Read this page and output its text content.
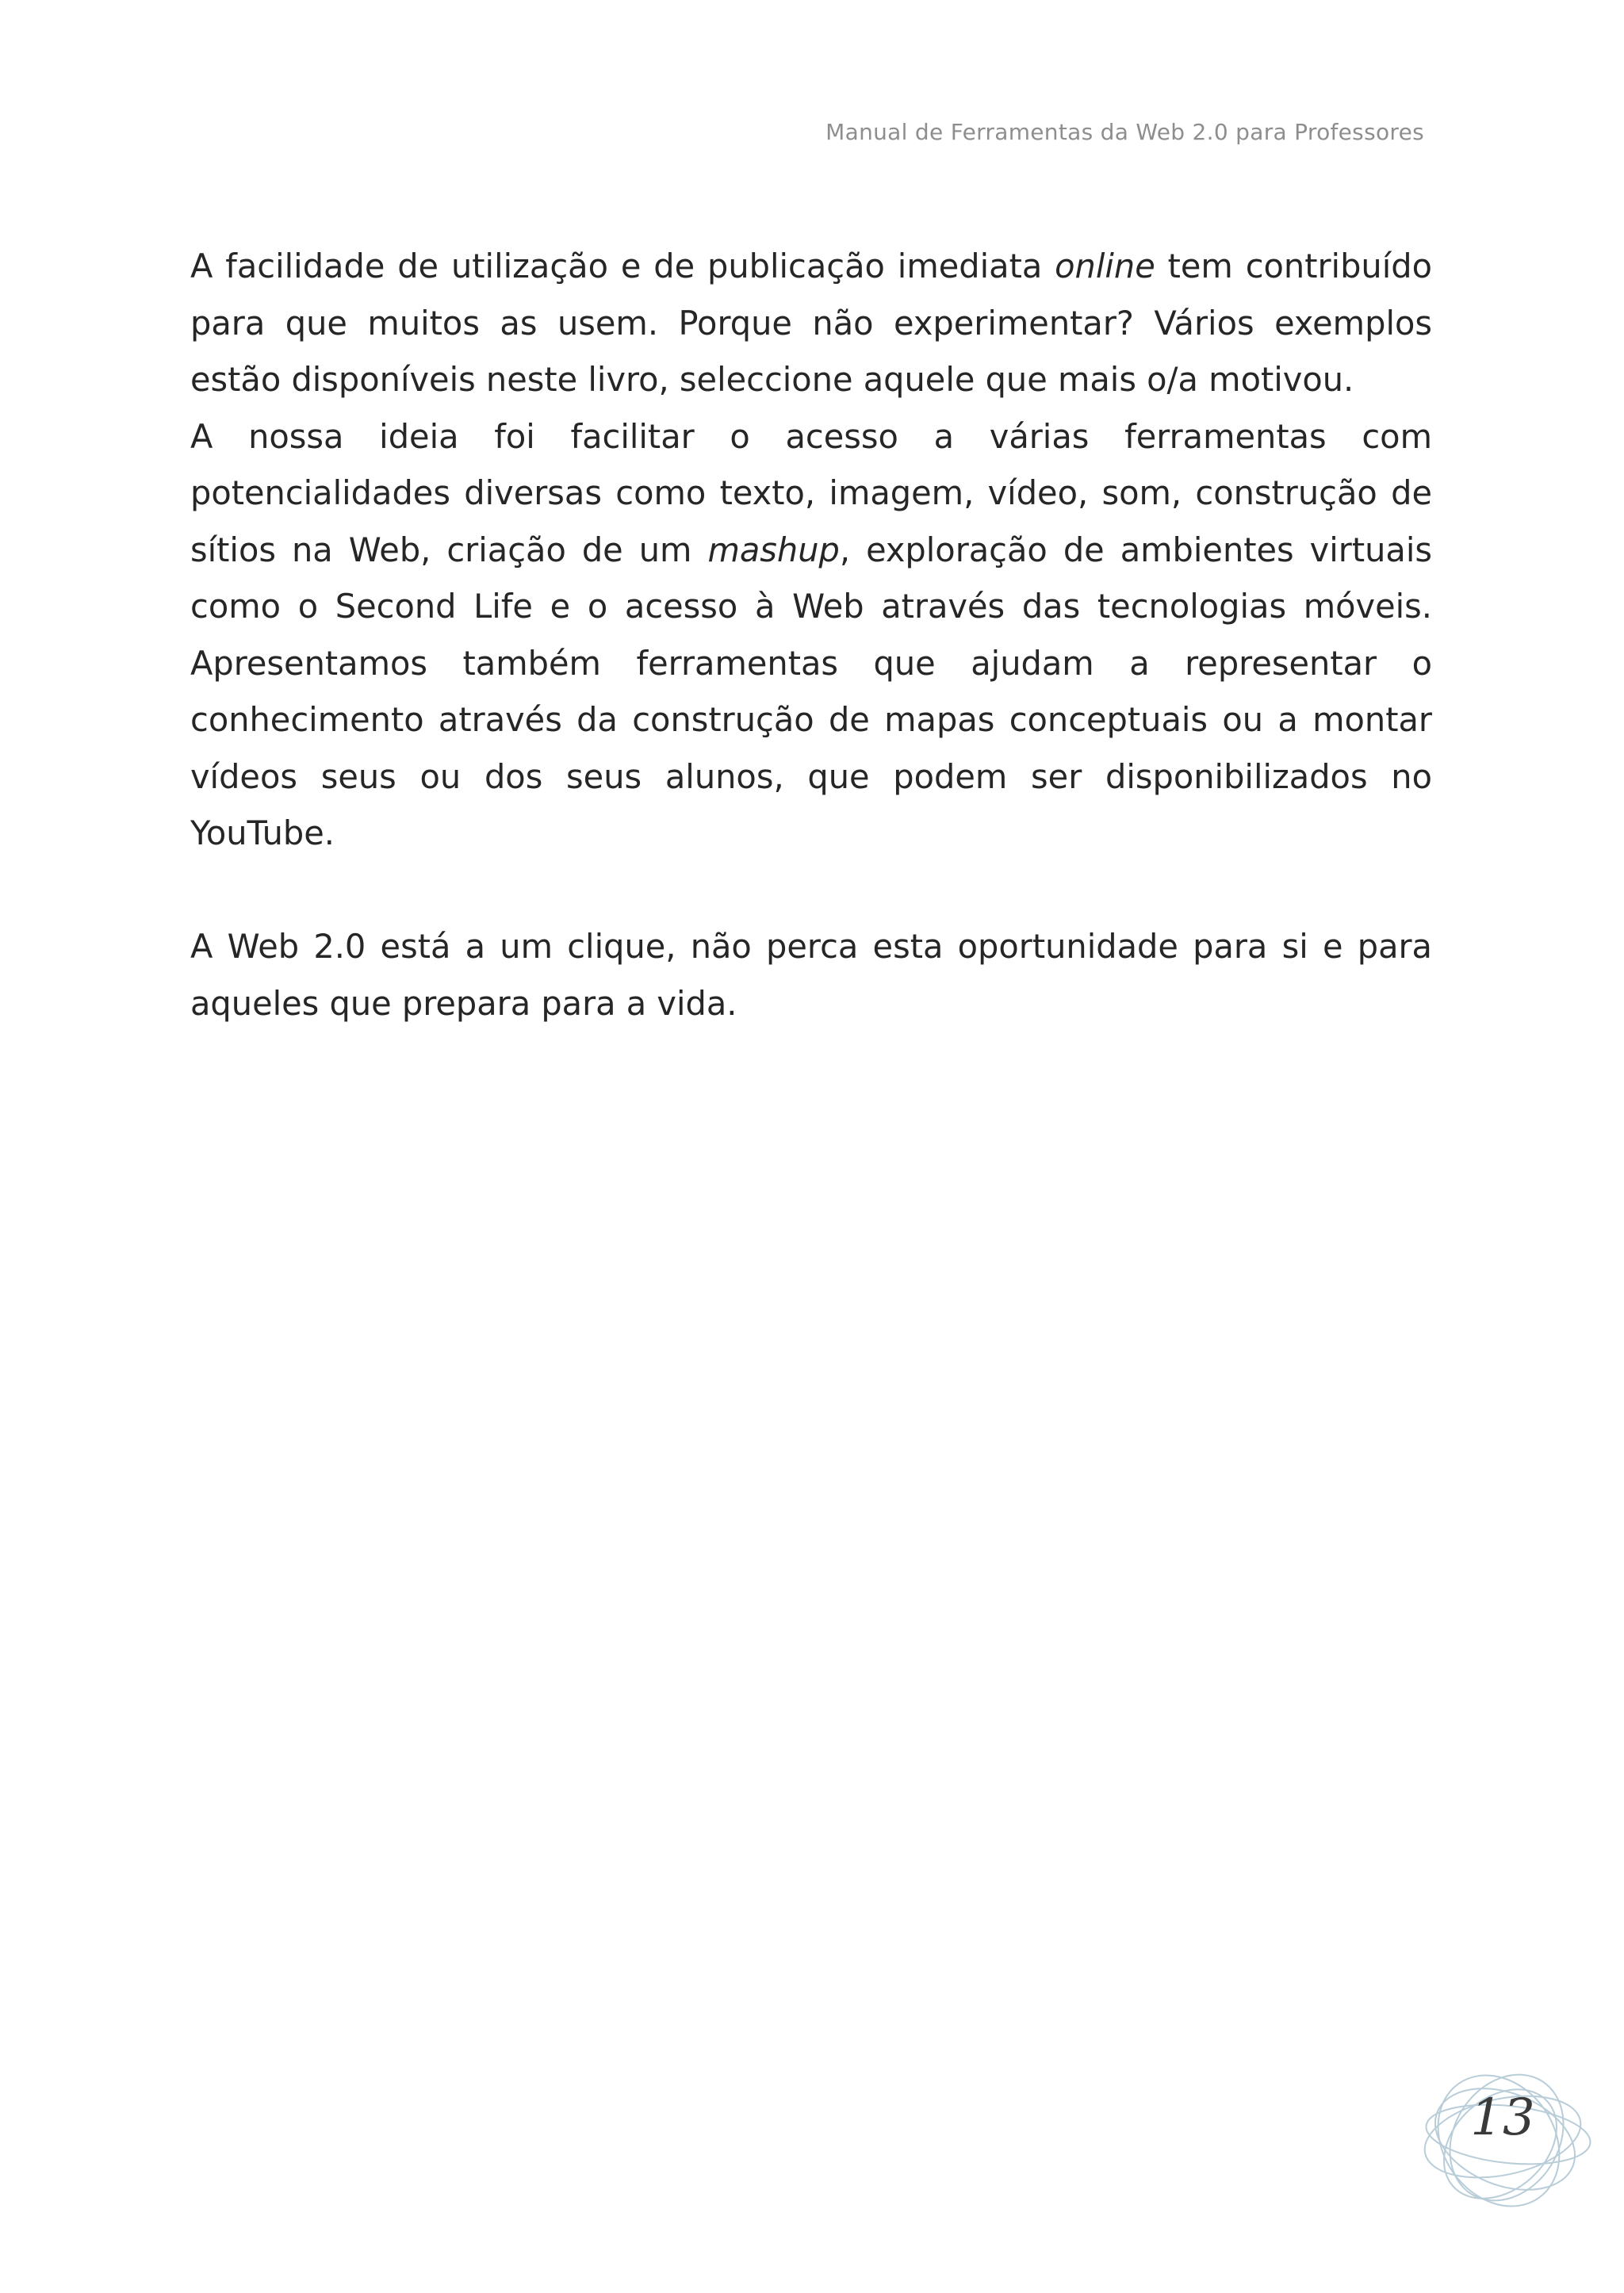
Manual de Ferramentas da Web 2.0 para Professores

A facilidade de utilização e de publicação imediata online tem contribuído para que muitos as usem. Porque não experimentar? Vários exemplos estão disponíveis neste livro, seleccione aquele que mais o/a motivou.

A nossa ideia foi facilitar o acesso a várias ferramentas com potencialidades diversas como texto, imagem, vídeo, som, construção de sítios na Web, criação de um mashup, exploração de ambientes virtuais como o Second Life e o acesso à Web através das tecnologias móveis. Apresentamos também ferramentas que ajudam a representar o conhecimento através da construção de mapas conceptuais ou a montar vídeos seus ou dos seus alunos, que podem ser disponibilizados no YouTube.

A Web 2.0 está a um clique, não perca esta oportunidade para si e para aqueles que prepara para a vida.

13
